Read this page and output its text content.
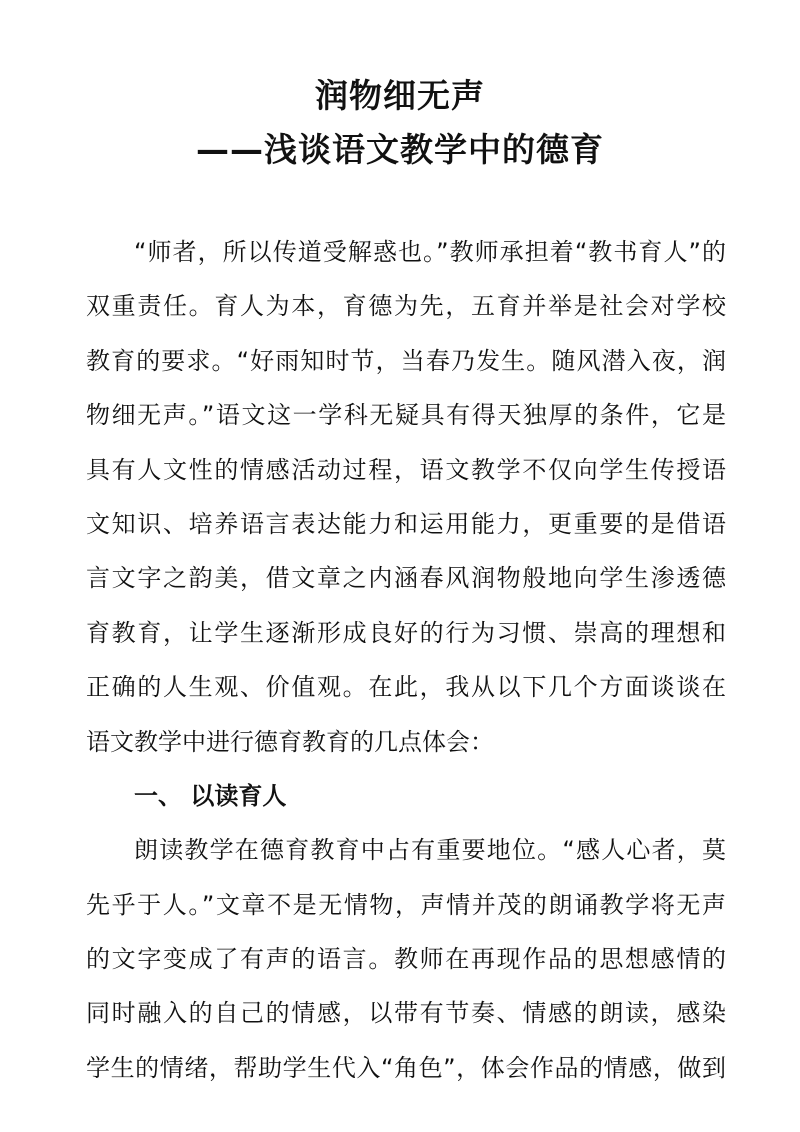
润物细无声
——浅谈语文教学中的德育
“师者，所以传道受解惑也。”教师承担着“教书育人”的
双重责任。育人为本，育德为先，五育并举是社会对学校
教育的要求。“好雨知时节，当春乃发生。随风潜入夜，润
物细无声。”语文这一学科无疑具有得天独厚的条件，它是
具有人文性的情感活动过程，语文教学不仅向学生传授语
文知识、培养语言表达能力和运用能力，更重要的是借语
言文字之韵美，借文章之内涵春风润物般地向学生渗透德
育教育，让学生逐渐形成良好的行为习惯、崇高的理想和
正确的人生观、价值观。在此，我从以下几个方面谈谈在
语文教学中进行德育教育的几点体会：
一、 以读育人
朗读教学在德育教育中占有重要地位。“感人心者，莫
先乎于人。”文章不是无情物，声情并茂的朗诵教学将无声
的文字变成了有声的语言。教师在再现作品的思想感情的
同时融入的自己的情感，以带有节奏、情感的朗读，感染
学生的情绪，帮助学生代入“角色”，体会作品的情感，做到
